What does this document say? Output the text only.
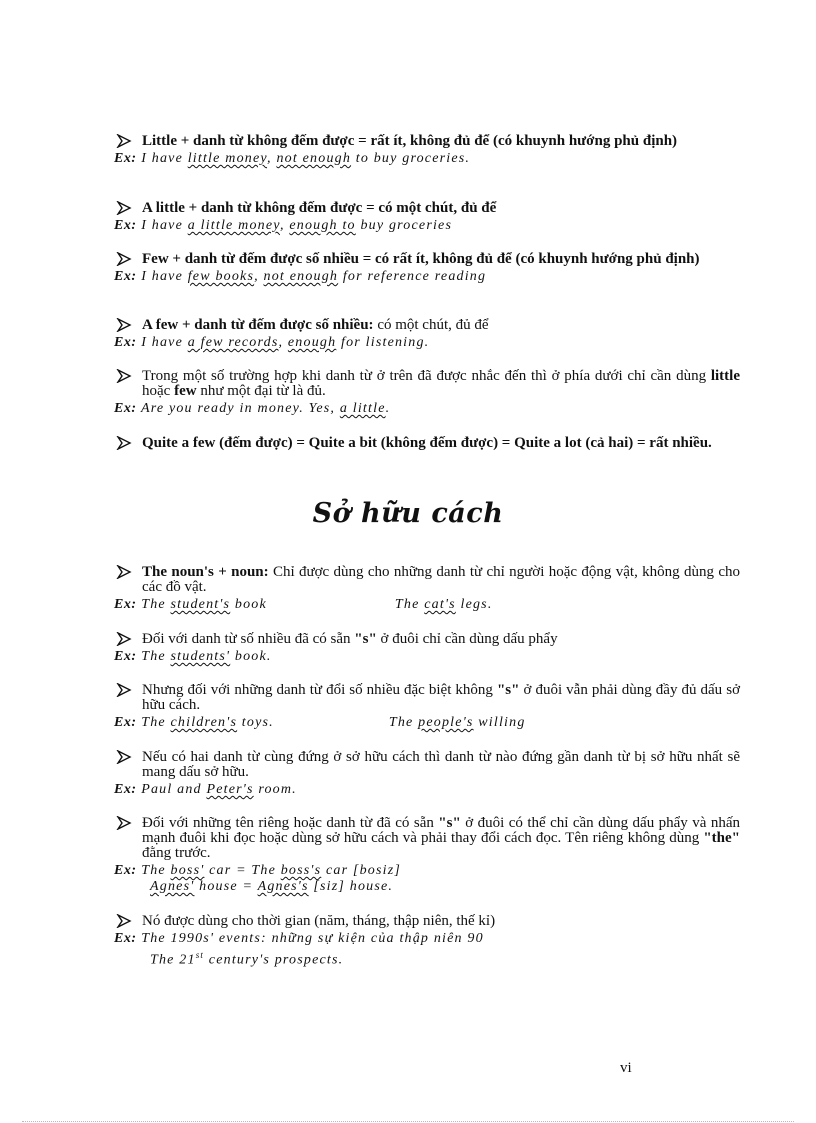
Little + danh từ không đếm được = rất ít, không đủ để (có khuynh hướng phủ định)
Ex: I have little money, not enough to buy groceries.
A little + danh từ không đếm được = có một chút, đủ để
Ex: I have a little money, enough to buy groceries
Few + danh từ đếm được số nhiều = có rất ít, không đủ để (có khuynh hướng phủ định)
Ex: I have few books, not enough for reference reading
A few + danh từ đếm được số nhiều: có một chút, đủ để
Ex: I have a few records, enough for listening.
Trong một số trường hợp khi danh từ ở trên đã được nhắc đến thì ở phía dưới chỉ cần dùng little hoặc few như một đại từ là đủ.
Ex: Are you ready in money. Yes, a little.
Quite a few (đếm được) = Quite a bit (không đếm được) = Quite a lot (cả hai) = rất nhiều.
Sở hữu cách
The noun's + noun: Chỉ được dùng cho những danh từ chỉ người hoặc động vật, không dùng cho các đồ vật.
Ex: The student's book	The cat's legs.
Đối với danh từ số nhiều đã có sẵn "s" ở đuôi chỉ cần dùng dấu phẩy
Ex: The students' book.
Nhưng đối với những danh từ đổi số nhiều đặc biệt không "s" ở đuôi vẫn phải dùng đầy đủ dấu sở hữu cách.
Ex: The children's toys.	The people's willing
Nếu có hai danh từ cùng đứng ở sở hữu cách thì danh từ nào đứng gần danh từ bị sở hữu nhất sẽ mang dấu sở hữu.
Ex: Paul and Peter's room.
Đối với những tên riêng hoặc danh từ đã có sẵn "s" ở đuôi có thể chỉ cần dùng dấu phẩy và nhấn mạnh đuôi khi đọc hoặc dùng sở hữu cách và phải thay đổi cách đọc. Tên riêng không dùng "the" đằng trước.
Ex: The boss' car = The boss's car [bosiz]
Agnes' house = Agnes's [siz] house.
Nó được dùng cho thời gian (năm, tháng, thập niên, thế kỉ)
Ex: The 1990s' events: những sự kiện của thập niên 90
The 21st century's prospects.
vi
